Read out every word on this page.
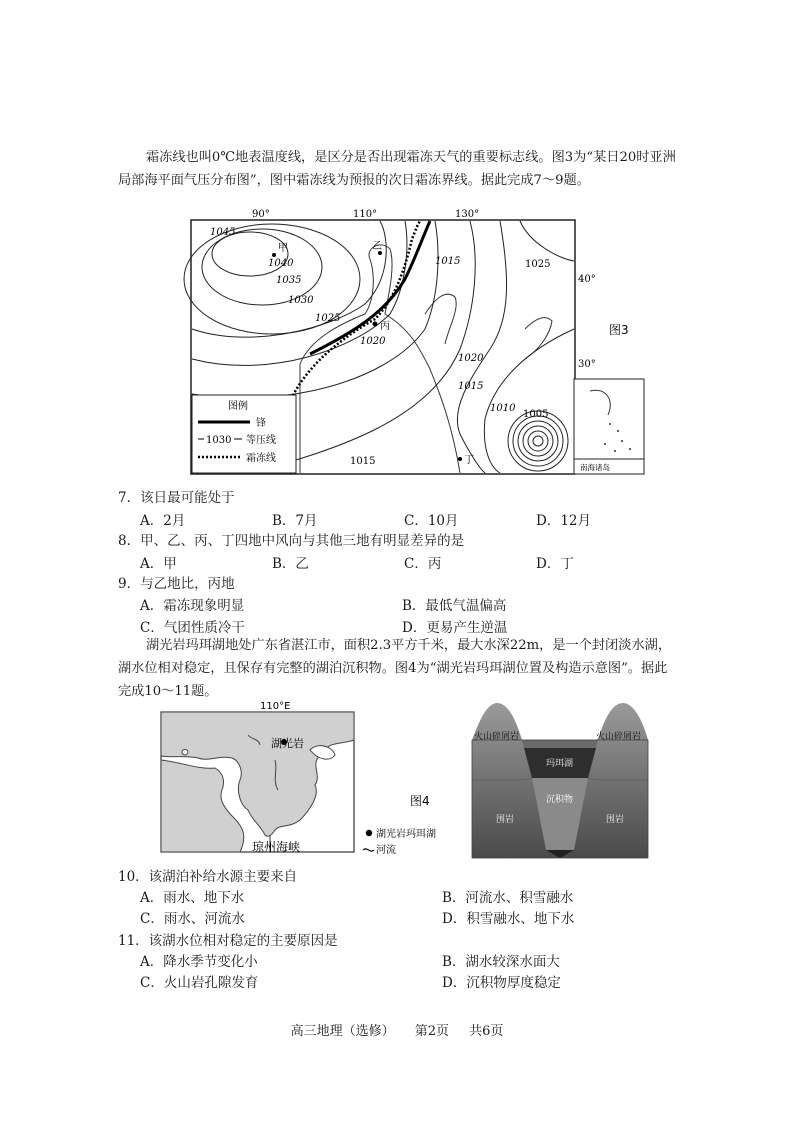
霜冻线也叫0℃地表温度线，是区分是否出现霜冻天气的重要标志线。图3为“某日20时亚洲局部海平面气压分布图”，图中霜冻线为预报的次日霜冻界线。据此完成7～9题。
90°	110°	130°
40°
30°
1045
1040
1035
1030
1025
1020
1015	1025
1020
1015
1010
1005
1015
甲	乙
丙
丁
图例
锋
1030 等压线
霜冻线
南海诸岛
图3
7．该日最可能处于
A．2月	B．7月	C．10月	D．12月
8．甲、乙、丙、丁四地中风向与其他三地有明显差异的是
A．甲	B．乙	C．丙	D．丁
9．与乙地比，丙地
A．霜冻现象明显	B．最低气温偏高
C．气团性质冷干	D．更易产生逆温
湖光岩玛珥湖地处广东省湛江市，面积2.3平方千米，最大水深22m，是一个封闭淡水湖，湖水位相对稳定，且保存有完整的湖泊沉积物。图4为“湖光岩玛珥湖位置及构造示意图”。据此完成10～11题。
110°E
湖光岩
琼州海峡
图4
湖光岩玛珥湖
河流
火山碎屑岩	火山碎屑岩
玛珥湖
沉积物
围岩	围岩
10．该湖泊补给水源主要来自
A．雨水、地下水	B．河流水、积雪融水
C．雨水、河流水	D．积雪融水、地下水
11．该湖水位相对稳定的主要原因是
A．降水季节变化小	B．湖水较深水面大
C．火山岩孔隙发育	D．沉积物厚度稳定
高三地理（选修） 第2页 共6页
